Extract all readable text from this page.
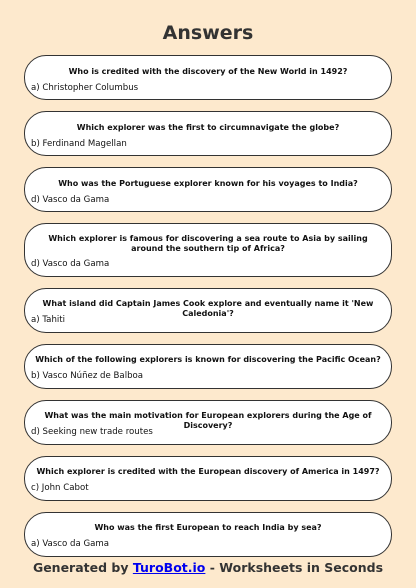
Answers
Who is credited with the discovery of the New World in 1492?
a) Christopher Columbus
Which explorer was the first to circumnavigate the globe?
b) Ferdinand Magellan
Who was the Portuguese explorer known for his voyages to India?
d) Vasco da Gama
Which explorer is famous for discovering a sea route to Asia by sailing around the southern tip of Africa?
d) Vasco da Gama
What island did Captain James Cook explore and eventually name it 'New Caledonia'?
a) Tahiti
Which of the following explorers is known for discovering the Pacific Ocean?
b) Vasco Núñez de Balboa
What was the main motivation for European explorers during the Age of Discovery?
d) Seeking new trade routes
Which explorer is credited with the European discovery of America in 1497?
c) John Cabot
Who was the first European to reach India by sea?
a) Vasco da Gama
Generated by TuroBot.io - Worksheets in Seconds
